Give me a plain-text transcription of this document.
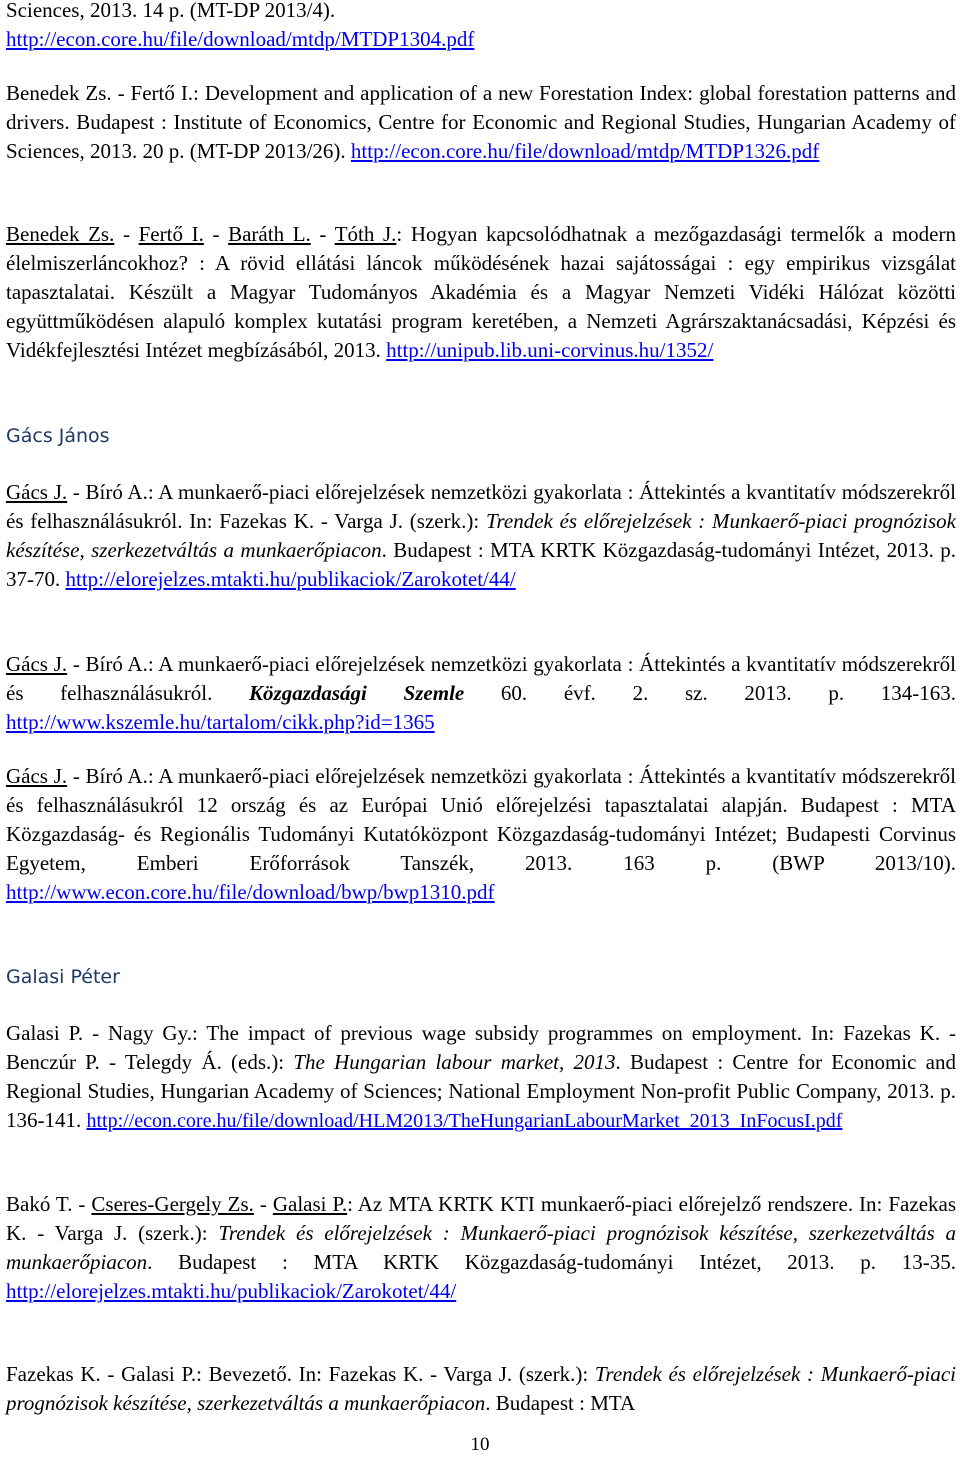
Sciences, 2013. 14 p. (MT-DP 2013/4).
http://econ.core.hu/file/download/mtdp/MTDP1304.pdf
Benedek Zs. - Fertő I.: Development and application of a new Forestation Index: global forestation patterns and drivers. Budapest : Institute of Economics, Centre for Economic and Regional Studies, Hungarian Academy of Sciences, 2013. 20 p. (MT-DP 2013/26). http://econ.core.hu/file/download/mtdp/MTDP1326.pdf
Benedek Zs. - Fertő I. - Baráth L. - Tóth J.: Hogyan kapcsolódhatnak a mezőgazdasági termelők a modern élelmiszerláncokhoz? : A rövid ellátási láncok működésének hazai sajátosságai : egy empirikus vizsgálat tapasztalatai. Készült a Magyar Tudományos Akadémia és a Magyar Nemzeti Vidéki Hálózat közötti együttműködésen alapuló komplex kutatási program keretében, a Nemzeti Agrárszaktanácsadási, Képzési és Vidékfejlesztési Intézet megbízásából, 2013. http://unipub.lib.uni-corvinus.hu/1352/
Gács János
Gács J. - Bíró A.: A munkaerő-piaci előrejelzések nemzetközi gyakorlata : Áttekintés a kvantitatív módszerekről és felhasználásukról. In: Fazekas K. - Varga J. (szerk.): Trendek és előrejelzések : Munkaerő-piaci prognózisok készítése, szerkezetváltás a munkaerőpiacon. Budapest : MTA KRTK Közgazdaság-tudományi Intézet, 2013. p. 37-70. http://elorejelzes.mtakti.hu/publikaciok/Zarokotet/44/
Gács J. - Bíró A.: A munkaerő-piaci előrejelzések nemzetközi gyakorlata : Áttekintés a kvantitatív módszerekről és felhasználásukról. Közgazdasági Szemle 60. évf. 2. sz. 2013. p. 134-163. http://www.kszemle.hu/tartalom/cikk.php?id=1365
Gács J. - Bíró A.: A munkaerő-piaci előrejelzések nemzetközi gyakorlata : Áttekintés a kvantitatív módszerekről és felhasználásukról 12 ország és az Európai Unió előrejelzési tapasztalatai alapján. Budapest : MTA Közgazdaság- és Regionális Tudományi Kutatóközpont Közgazdaság-tudományi Intézet; Budapesti Corvinus Egyetem, Emberi Erőforrások Tanszék, 2013. 163 p. (BWP 2013/10). http://www.econ.core.hu/file/download/bwp/bwp1310.pdf
Galasi Péter
Galasi P. - Nagy Gy.: The impact of previous wage subsidy programmes on employment. In: Fazekas K. - Benczúr P. - Telegdy Á. (eds.): The Hungarian labour market, 2013. Budapest : Centre for Economic and Regional Studies, Hungarian Academy of Sciences; National Employment Non-profit Public Company, 2013. p. 136-141. http://econ.core.hu/file/download/HLM2013/TheHungarianLabourMarket_2013_InFocusI.pdf
Bakó T. - Cseres-Gergely Zs. - Galasi P.: Az MTA KRTK KTI munkaerő-piaci előrejelző rendszere. In: Fazekas K. - Varga J. (szerk.): Trendek és előrejelzések : Munkaerő-piaci prognózisok készítése, szerkezetváltás a munkaerőpiacon. Budapest : MTA KRTK Közgazdaság-tudományi Intézet, 2013. p. 13-35. http://elorejelzes.mtakti.hu/publikaciok/Zarokotet/44/
Fazekas K. - Galasi P.: Bevezető. In: Fazekas K. - Varga J. (szerk.): Trendek és előrejelzések : Munkaerő-piaci prognózisok készítése, szerkezetváltás a munkaerőpiacon. Budapest : MTA
10
